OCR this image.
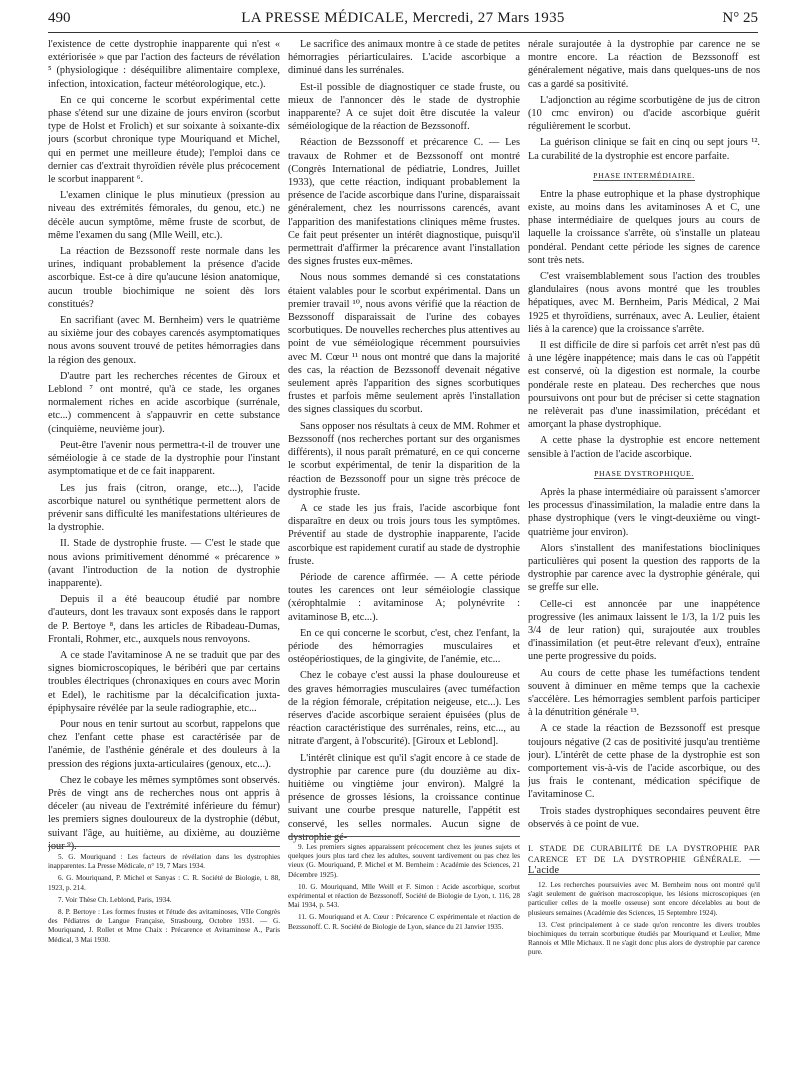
490	LA PRESSE MÉDICALE, Mercredi, 27 Mars 1935	N° 25

l'existence de cette dystrophie inapparente qui n'est « extériorisée » que par l'action des facteurs de révélation ⁵ (physiologique : déséquilibre alimentaire complexe, infection, intoxication, facteur météorologique, etc.).

En ce qui concerne le scorbut expérimental cette phase s'étend sur une dizaine de jours environ (scorbut type de Holst et Frolich) et sur soixante à soixante-dix jours (scorbut chronique type Mouriquand et Michel, qui en permet une meilleure étude); l'emploi dans ce dernier cas d'extrait thyroïdien révèle plus précocement le scorbut inapparent ⁶.

L'examen clinique le plus minutieux (pression au niveau des extrémités fémorales, du genou, etc.) ne décèle aucun symptôme, même fruste de scorbut, de même l'examen du sang (Mlle Weill, etc.).

La réaction de Bezssonoff reste normale dans les urines, indiquant probablement la présence d'acide ascorbique. Est-ce à dire qu'aucune lésion anatomique, aucun trouble biochimique ne soient dès lors constitués?

En sacrifiant (avec M. Bernheim) vers le quatrième au sixième jour des cobayes carencés asymptomatiques nous avons souvent trouvé de petites hémorragies dans la région des genoux.

D'autre part les recherches récentes de Giroux et Leblond ⁷ ont montré, qu'à ce stade, les organes normalement riches en acide ascorbique (surrénale, etc...) commencent à s'appauvrir en cette substance (cinquième, neuvième jour).

Peut-être l'avenir nous permettra-t-il de trouver une séméiologie à ce stade de la dystrophie pour l'instant asymptomatique et de ce fait inapparent.

Les jus frais (citron, orange, etc...), l'acide ascorbique naturel ou synthétique permettent alors de prévenir sans difficulté les manifestations ultérieures de la dystrophie.

II. Stade de dystrophie fruste. — C'est le stade que nous avions primitivement dénommé « précarence » (avant l'introduction de la notion de dystrophie inapparente).

Depuis il a été beaucoup étudié par nombre d'auteurs, dont les travaux sont exposés dans le rapport de P. Bertoye ⁸, dans les articles de Ribadeau-Dumas, Frontali, Rohmer, etc., auxquels nous renvoyons.

A ce stade l'avitaminose A ne se traduit que par des signes biomicroscopiques, le béribéri que par certains troubles électriques (chronaxiques en cours avec Morin et Edel), le rachitisme par la décalcification juxta-épiphysaire révélée par la seule radiographie, etc...

Pour nous en tenir surtout au scorbut, rappelons que chez l'enfant cette phase est caractérisée par de l'anémie, de l'asthénie générale et des douleurs à la pression des régions juxta-articulaires (genoux, etc...).

Chez le cobaye les mêmes symptômes sont observés. Près de vingt ans de recherches nous ont appris à déceler (au niveau de l'extrémité inférieure du fémur) les premiers signes douloureux de la dystrophie (début, suivant l'âge, au huitième, au dixième, au douzième jour ⁹).

Le sacrifice des animaux montre à ce stade de petites hémorragies périarticulaires. L'acide ascorbique a diminué dans les surrénales.

Est-il possible de diagnostiquer ce stade fruste, ou mieux de l'annoncer dès le stade de dystrophie inapparente? A ce sujet doit être discutée la valeur séméiologique de la réaction de Bezssonoff.

Réaction de Bezssonoff et précarence C. — Les travaux de Rohmer et de Bezssonoff ont montré (Congrès International de pédiatrie, Londres, Juillet 1933), que cette réaction, indiquant probablement la présence de l'acide ascorbique dans l'urine, disparaissait généralement, chez les nourrissons carencés, avant l'apparition des manifestations cliniques même frustes. Ce fait peut présenter un intérêt diagnostique, puisqu'il permettrait d'affirmer la précarence avant l'installation des signes frustes eux-mêmes.

Nous nous sommes demandé si ces constatations étaient valables pour le scorbut expérimental. Dans un premier travail ¹⁰, nous avons vérifié que la réaction de Bezssonoff disparaissait de l'urine des cobayes scorbutiques. De nouvelles recherches plus attentives au point de vue séméiologique récemment poursuivies avec M. Cœur ¹¹ nous ont montré que dans la majorité des cas, la réaction de Bezssonoff devenait négative seulement après l'apparition des signes scorbutiques frustes et parfois même seulement après l'installation des signes classiques du scorbut.

Sans opposer nos résultats à ceux de MM. Rohmer et Bezssonoff (nos recherches portant sur des organismes différents), il nous paraît prématuré, en ce qui concerne le scorbut expérimental, de tenir la disparition de la réaction de Bezssonoff pour un signe très précoce de dystrophie fruste.

A ce stade les jus frais, l'acide ascorbique font disparaître en deux ou trois jours tous les symptômes. Préventif au stade de dystrophie inapparente, l'acide ascorbique est rapidement curatif au stade de dystrophie fruste.

Période de carence affirmée. — A cette période toutes les carences ont leur séméiologie classique (xérophtalmie : avitaminose A; polynévrite : avitaminose B, etc...).

En ce qui concerne le scorbut, c'est, chez l'enfant, la période des hémorragies musculaires et ostéopériostiques, de la gingivite, de l'anémie, etc...

Chez le cobaye c'est aussi la phase douloureuse et des graves hémorragies musculaires (avec tuméfaction de la région fémorale, crépitation neigeuse, etc...). Les réserves d'acide ascorbique seraient épuisées (plus de réaction caractéristique des surrénales, reins, etc..., au nitrate d'argent, à l'obscurité). [Giroux et Leblond].

L'intérêt clinique est qu'il s'agit encore à ce stade de dystrophie par carence pure (du douzième au dix-huitième ou vingtième jour environ). Malgré la présence de grosses lésions, la croissance continue suivant une courbe presque naturelle, l'appétit est conservé, les selles normales. Aucun signe de dystrophie gé-

nérale surajoutée à la dystrophie par carence ne se montre encore. La réaction de Bezssonoff est généralement négative, mais dans quelques-uns de nos cas a gardé sa positivité.

L'adjonction au régime scorbutigène de jus de citron (10 cmc environ) ou d'acide ascorbique guérit régulièrement le scorbut.

La guérison clinique se fait en cinq ou sept jours ¹². La curabilité de la dystrophie est encore parfaite.

PHASE INTERMÉDIAIRE.

Entre la phase eutrophique et la phase dystrophique existe, au moins dans les avitaminoses A et C, une phase intermédiaire de quelques jours au cours de laquelle la croissance s'arrête, où s'installe un plateau pondéral. Pendant cette période les signes de carence sont très nets.

C'est vraisemblablement sous l'action des troubles glandulaires (nous avons montré que les troubles hépatiques, avec M. Bernheim, Paris Médical, 2 Mai 1925 et thyroïdiens, surrénaux, avec A. Leulier, étaient liés à la carence) que la croissance s'arrête.

Il est difficile de dire si parfois cet arrêt n'est pas dû à une légère inappétence; mais dans le cas où l'appétit est conservé, où la digestion est normale, la courbe pondérale reste en plateau. Des recherches que nous poursuivons ont pour but de préciser si cette stagnation ne relèverait pas d'une inassimilation, précédant et amorçant la phase dystrophique.

A cette phase la dystrophie est encore nettement sensible à l'action de l'acide ascorbique.

PHASE DYSTROPHIQUE.

Après la phase intermédiaire où paraissent s'amorcer les processus d'inassimilation, la maladie entre dans la phase dystrophique (vers le vingt-deuxième ou vingt-quatrième jour environ).

Alors s'installent des manifestations biocliniques particulières qui posent la question des rapports de la dystrophie par carence avec la dystrophie générale, qui se greffe sur elle.

Celle-ci est annoncée par une inappétence progressive (les animaux laissent le 1/3, la 1/2 puis les 3/4 de leur ration) qui, surajoutée aux troubles d'inassimilation (et peut-être relevant d'eux), entraîne une perte progressive du poids.

Au cours de cette phase les tuméfactions tendent souvent à diminuer en même temps que la cachexie s'accélère. Les hémorragies semblent parfois participer à la dénutrition générale ¹³.

A ce stade la réaction de Bezssonoff est presque toujours négative (2 cas de positivité jusqu'au trentième jour). L'intérêt de cette phase de la dystrophie est son comportement vis-à-vis de l'acide ascorbique, ou des jus frais le contenant, médication spécifique de l'avitaminose C.

Trois stades dystrophiques secondaires peuvent être observés à ce point de vue.

I. STADE DE CURABILITÉ DE LA DYSTROPHIE PAR CARENCE ET DE LA DYSTROPHIE GÉNÉRALE. — L'acide

5. G. Mouriquand : Les facteurs de révélation dans les dystrophies inapparentes. La Presse Médicale, n° 19, 7 Mars 1934.

6. G. Mouriquand, P. Michel et Sanyas : C. R. Société de Biologie, t. 88, 1923, p. 214.

7. Voir Thèse Ch. Leblond, Paris, 1934.

8. P. Bertoye : Les formes frustes et l'étude des avitaminoses, VIIe Congrès des Pédiatres de Langue Française, Strasbourg, Octobre 1931. — G. Mouriquand, J. Rollet et Mme Chaix : Précarence et Avitaminose A., Paris Médical, 3 Mai 1930.

9. Les premiers signes apparaissent précocement chez les jeunes sujets et quelques jours plus tard chez les adultes, souvent tardivement ou pas chez les vieux (G. Mouriquand, P. Michel et M. Bernheim : Académie des Sciences, 21 Décembre 1925).

10. G. Mouriquand, Mlle Weill et F. Simon : Acide ascorbique, scorbut expérimental et réaction de Bezssonoff, Société de Biologie de Lyon, t. 116, 28 Mai 1934, p. 543.

11. G. Mouriquand et A. Cœur : Précarence C expérimentale et réaction de Bezssonoff. C. R. Société de Biologie de Lyon, séance du 21 Janvier 1935.

12. Les recherches poursuivies avec M. Bernheim nous ont montré qu'il s'agit seulement de guérison macroscopique, les lésions microscopiques (en particulier celles de la moelle osseuse) sont encore décelables au bout de plusieurs semaines (Académie des Sciences, 15 Septembre 1924).

13. C'est principalement à ce stade qu'on rencontre les divers troubles biochimiques du terrain scorbutique étudiés par Mouriquand et Leulier, Mme Rannois et Mlle Michaux. Il ne s'agit donc plus alors de dystrophie par carence pure.
